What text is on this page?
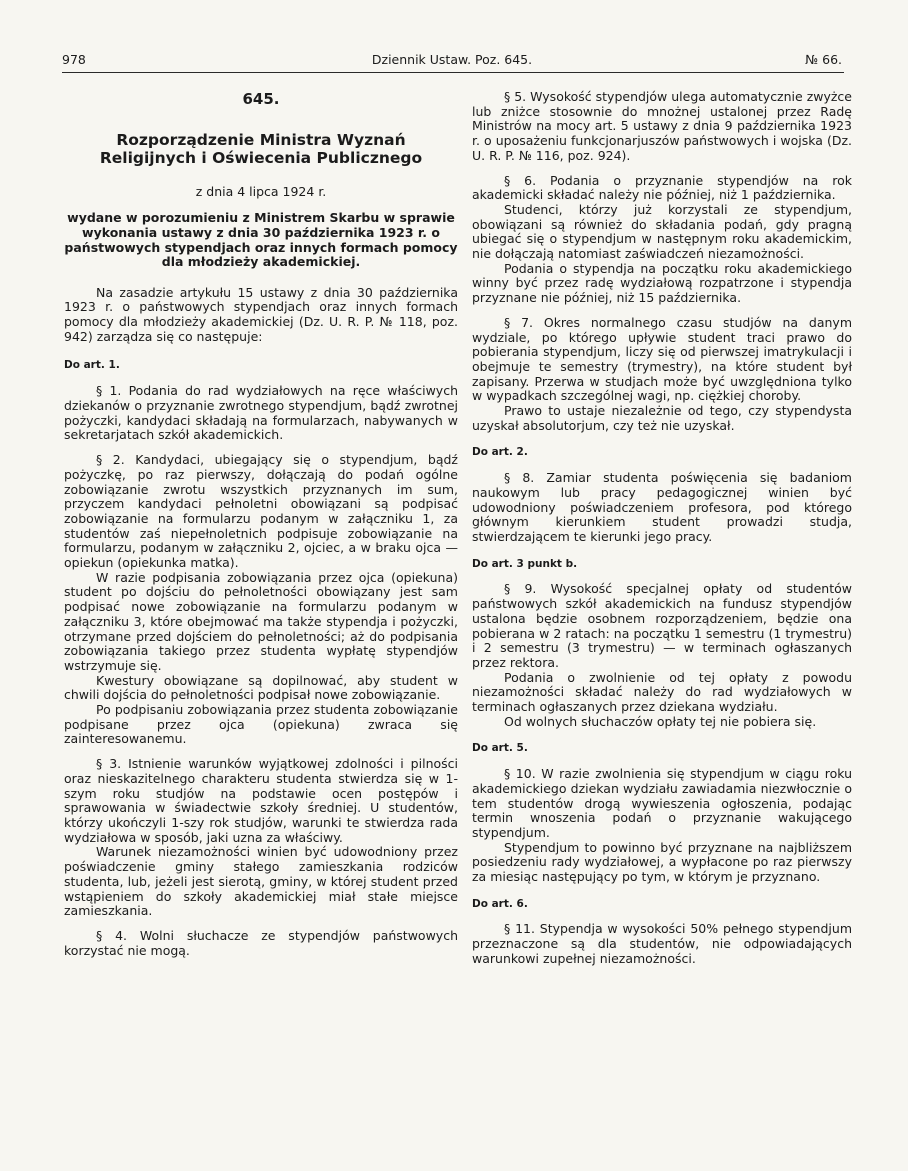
978	Dziennik Ustaw. Poz. 645.	№ 66.
645.
Rozporządzenie Ministra Wyznań Religijnych i Oświecenia Publicznego
z dnia 4 lipca 1924 r.
wydane w porozumieniu z Ministrem Skarbu w sprawie wykonania ustawy z dnia 30 października 1923 r. o państwowych stypendjach oraz innych formach pomocy dla młodzieży akademickiej.

Na zasadzie artykułu 15 ustawy z dnia 30 października 1923 r. o państwowych stypendjach oraz innych formach pomocy dla młodzieży akademickiej (Dz. U. R. P. № 118, poz. 942) zarządza się co następuje:

Do art. 1.

§ 1. Podania do rad wydziałowych na ręce właściwych dziekanów o przyznanie zwrotnego stypendjum, bądź zwrotnej pożyczki, kandydaci składają na formularzach, nabywanych w sekretarjatach szkół akademickich.

§ 2. Kandydaci, ubiegający się o stypendjum, bądź pożyczkę, po raz pierwszy, dołączają do podań ogólne zobowiązanie zwrotu wszystkich przyznanych im sum, przyczem kandydaci pełnoletni obowiązani są podpisać zobowiązanie na formularzu podanym w załączniku 1, za studentów zaś niepełnoletnich podpisuje zobowiązanie na formularzu, podanym w załączniku 2, ojciec, a w braku ojca — opiekun (opiekunka matka).

W razie podpisania zobowiązania przez ojca (opiekuna) student po dojściu do pełnoletności obowiązany jest sam podpisać nowe zobowiązanie na formularzu podanym w załączniku 3, które obejmować ma także stypendja i pożyczki, otrzymane przed dojściem do pełnoletności; aż do podpisania zobowiązania takiego przez studenta wypłatę stypendjów wstrzymuje się.

Kwestury obowiązane są dopilnować, aby student w chwili dojścia do pełnoletności podpisał nowe zobowiązanie.

Po podpisaniu zobowiązania przez studenta zobowiązanie podpisane przez ojca (opiekuna) zwraca się zainteresowanemu.

§ 3. Istnienie warunków wyjątkowej zdolności i pilności oraz nieskazitelnego charakteru studenta stwierdza się w 1-szym roku studjów na podstawie ocen postępów i sprawowania w świadectwie szkoły średniej. U studentów, którzy ukończyli 1-szy rok studjów, warunki te stwierdza rada wydziałowa w sposób, jaki uzna za właściwy.

Warunek niezamożności winien być udowodniony przez poświadczenie gminy stałego zamieszkania rodziców studenta, lub, jeżeli jest sierotą, gminy, w której student przed wstąpieniem do szkoły akademickiej miał stałe miejsce zamieszkania.

§ 4. Wolni słuchacze ze stypendjów państwowych korzystać nie mogą.

§ 5. Wysokość stypendjów ulega automatycznie zwyżce lub zniżce stosownie do mnożnej ustalonej przez Radę Ministrów na mocy art. 5 ustawy z dnia 9 października 1923 r. o uposażeniu funkcjonarjuszów państwowych i wojska (Dz. U. R. P. № 116, poz. 924).

§ 6. Podania o przyznanie stypendjów na rok akademicki składać należy nie później, niż 1 października.

Studenci, którzy już korzystali ze stypendjum, obowiązani są również do składania podań, gdy pragną ubiegać się o stypendjum w następnym roku akademickim, nie dołączają natomiast zaświadczeń niezamożności.

Podania o stypendja na początku roku akademickiego winny być przez radę wydziałową rozpatrzone i stypendja przyznane nie później, niż 15 października.

§ 7. Okres normalnego czasu studjów na danym wydziale, po którego upływie student traci prawo do pobierania stypendjum, liczy się od pierwszej imatrykulacji i obejmuje te semestry (trymestry), na które student był zapisany. Przerwa w studjach może być uwzględniona tylko w wypadkach szczególnej wagi, np. ciężkiej choroby.

Prawo to ustaje niezależnie od tego, czy stypendysta uzyskał absolutorjum, czy też nie uzyskał.

Do art. 2.

§ 8. Zamiar studenta poświęcenia się badaniom naukowym lub pracy pedagogicznej winien być udowodniony poświadczeniem profesora, pod którego głównym kierunkiem student prowadzi studja, stwierdzającem te kierunki jego pracy.

Do art. 3 punkt b.

§ 9. Wysokość specjalnej opłaty od studentów państwowych szkół akademickich na fundusz stypendjów ustalona będzie osobnem rozporządzeniem, będzie ona pobierana w 2 ratach: na początku 1 semestru (1 trymestru) i 2 semestru (3 trymestru) — w terminach ogłaszanych przez rektora.

Podania o zwolnienie od tej opłaty z powodu niezamożności składać należy do rad wydziałowych w terminach ogłaszanych przez dziekana wydziału.

Od wolnych słuchaczów opłaty tej nie pobiera się.

Do art. 5.

§ 10. W razie zwolnienia się stypendjum w ciągu roku akademickiego dziekan wydziału zawiadamia niezwłocznie o tem studentów drogą wywieszenia ogłoszenia, podając termin wnoszenia podań o przyznanie wakującego stypendjum.

Stypendjum to powinno być przyznane na najbliższem posiedzeniu rady wydziałowej, a wypłacone po raz pierwszy za miesiąc następujący po tym, w którym je przyznano.

Do art. 6.

§ 11. Stypendja w wysokości 50% pełnego stypendjum przeznaczone są dla studentów, nie odpowiadających warunkowi zupełnej niezamożności.
